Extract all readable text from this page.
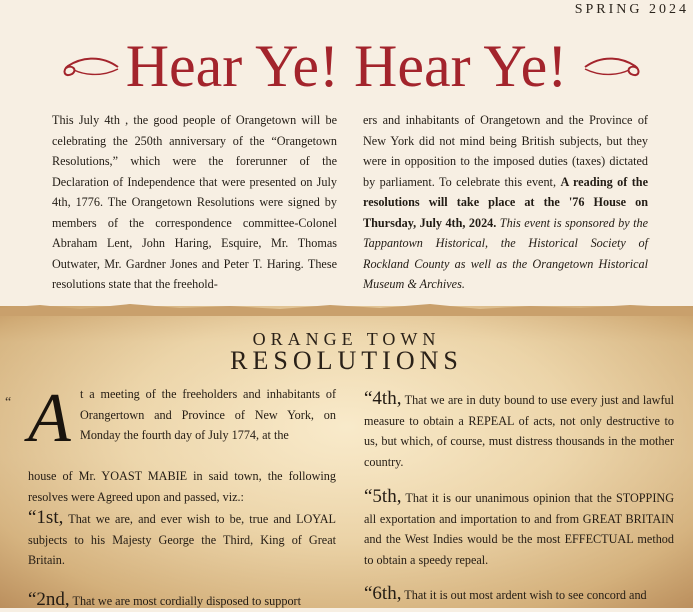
SPRING 2024
Hear Ye! Hear Ye!
This July 4th , the good people of Orangetown will be celebrating the 250th anniversary of the “Orangetown Resolutions,” which were the forerunner of the Declaration of Independence that were presented on July 4th, 1776. The Orangetown Resolutions were signed by members of the correspondence committee-Colonel Abraham Lent, John Haring, Esquire, Mr. Thomas Outwater, Mr. Gardner Jones and Peter T. Haring. These resolutions state that the freehold-
ers and inhabitants of Orangetown and the Province of New York did not mind being British subjects, but they were in opposition to the imposed duties (taxes) dictated by parliament. To celebrate this event, A reading of the resolutions will take place at the '76 House on Thursday, July 4th, 2024. This event is sponsored by the Tappantown Historical, the Historical Society of Rockland County as well as the Orangetown Historical Museum & Archives.
ORANGE TOWN
RESOLUTIONS
“ A t a meeting of the freeholders and inhabitants of Orangertown and Province of New York, on Monday the fourth day of July 1774, at the
house of Mr. YOAST MABIE in said town, the following resolves were Agreed upon and passed, viz.:
“1st, That we are, and ever wish to be, true and LOYAL subjects to his Majesty George the Third, King of Great Britain.
“2nd, That we are most cordially disposed to support
“4th, That we are in duty bound to use every just and lawful measure to obtain a REPEAL of acts, not only destructive to us, but which, of course, must distress thousands in the mother country.
“5th, That it is our unanimous opinion that the STOPPING all exportation and importation to and from GREAT BRITAIN and the West Indies would be the most EFFECTUAL method to obtain a speedy repeal.
“6th, That it is out most ardent wish to see concord and
